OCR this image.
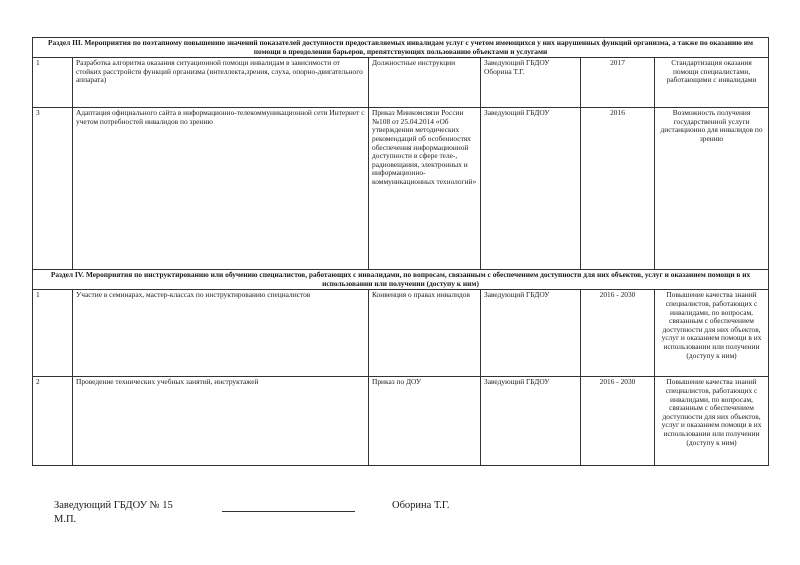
Раздел III. Мероприятия по поэтапному повышению значений показателей доступности предоставляемых инвалидам услуг с учетом имеющихся у них нарушенных функций организма, а также по оказанию им помощи в преодолении барьеров, препятствующих пользованию объектами и услугами					
1	Разработка алгоритма оказания ситуационной помощи инвалидам в зависимости от стойких расстройств функций организма (интеллекта,зрения, слуха, опорно-двигательного аппарата)	Должностные инструкции	Заведующий ГБДОУ Оборина Т.Г.	2017	Стандартизация оказания помощи специалистами, работающими с инвалидами
3	Адаптация официального сайта в информационно-телекоммуникационной сети Интернет с учетом потребностей инвалидов по зрению	Приказ Минкомсвязи России №108 от 25.04.2014 «Об утверждении методических рекомендаций об особенностях обеспечения информационной доступности в сфере теле-, радиовещания, электронных и информационно-коммуникационных технологий»	Заведующий ГБДОУ	2016	Возможность получения государственной услуги дистанционно для инвалидов по зрению
Раздел IV. Мероприятия по инструктированию или обучению специалистов, работающих с инвалидами, по вопросам, связанным с обеспечением доступности для них объектов, услуг и оказанием помощи в их использовании или получении (доступу к ним)					
1	Участие в семинарах, мастер-классах по инструктированию специалистов	Конвенция о правах инвалидов	Заведующий ГБДОУ	2016 - 2030	Повышение качества знаний специалистов, работающих с инвалидами, по вопросам, связанным с обеспечением доступности для них объектов, услуг и оказанием помощи в их использовании или получении (доступу к ним)
2	Проведение технических учебных занятий, инструктажей	Приказ по ДОУ	Заведующий ГБДОУ	2016 - 2030	Повышение качества знаний специалистов, работающих с инвалидами, по вопросам, связанным с обеспечением доступности для них объектов, услуг и оказанием помощи в их использовании или получении (доступу к ним)
Заведующий ГБДОУ № 15	Оборина Т.Г.
М.П.
